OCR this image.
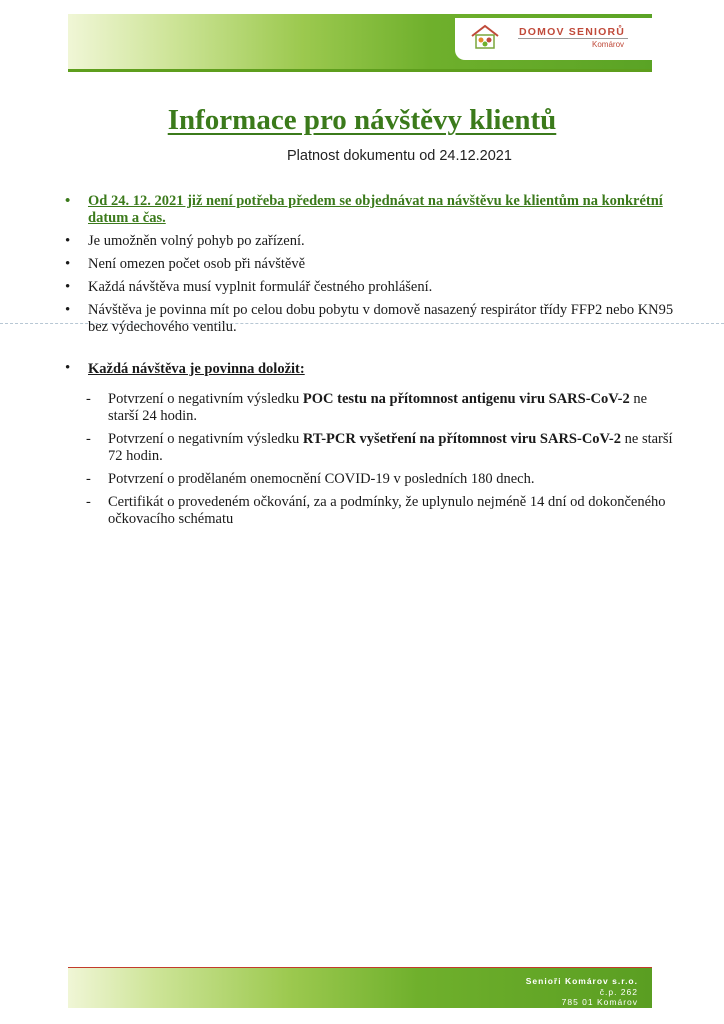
DOMOV SENIORŮ
Komárov
Informace pro návštěvy klientů
Platnost dokumentu od 24.12.2021
• Od 24. 12. 2021 již není potřeba předem se objednávat na návštěvu ke klientům na konkrétní datum a čas.
• Je umožněn volný pohyb po zařízení.
• Není omezen počet osob při návštěvě
• Každá návštěva musí vyplnit formulář čestného prohlášení.
• Návštěva je povinna mít po celou dobu pobytu v domově nasazený respirátor třídy FFP2 nebo KN95 bez výdechového ventilu.
• Každá návštěva je povinna doložit:
- Potvrzení o negativním výsledku POC testu na přítomnost antigenu viru SARS-CoV-2 ne starší 24 hodin.
- Potvrzení o negativním výsledku RT-PCR vyšetření na přítomnost viru SARS-CoV-2 ne starší 72 hodin.
- Potvrzení o prodělaném onemocnění COVID-19 v posledních 180 dnech.
- Certifikát o provedeném očkování, za a podmínky, že uplynulo nejméně 14 dní od dokončeného očkovacího schématu
Senioři Komárov s.r.o.
č.p. 262
785 01 Komárov
